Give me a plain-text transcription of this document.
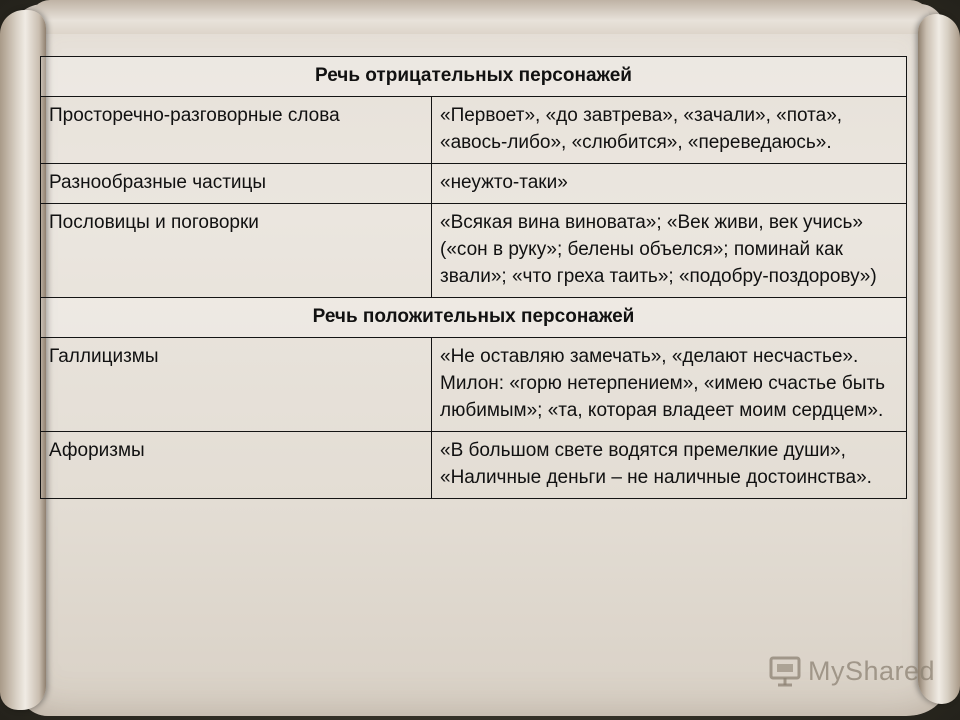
Речь отрицательных персонажей	
Просторечно-разговорные слова	«Первоет», «до завтрева», «зачали», «пота», «авось-либо», «слюбится», «переведаюсь».
Разнообразные частицы	«неужто-таки»
Пословицы и поговорки	«Всякая вина виновата»; «Век живи, век учись» («сон в руку»; белены объелся»; поминай как звали»; «что греха таить»; «подобру-поздорову»)
Речь положительных персонажей	
Галлицизмы	«Не оставляю замечать», «делают несчастье». Милон: «горю нетерпением», «имею счастье быть любимым»; «та, которая владеет моим сердцем».
Афоризмы	«В большом свете водятся премелкие души», «Наличные деньги – не наличные достоинства».
MyShared
